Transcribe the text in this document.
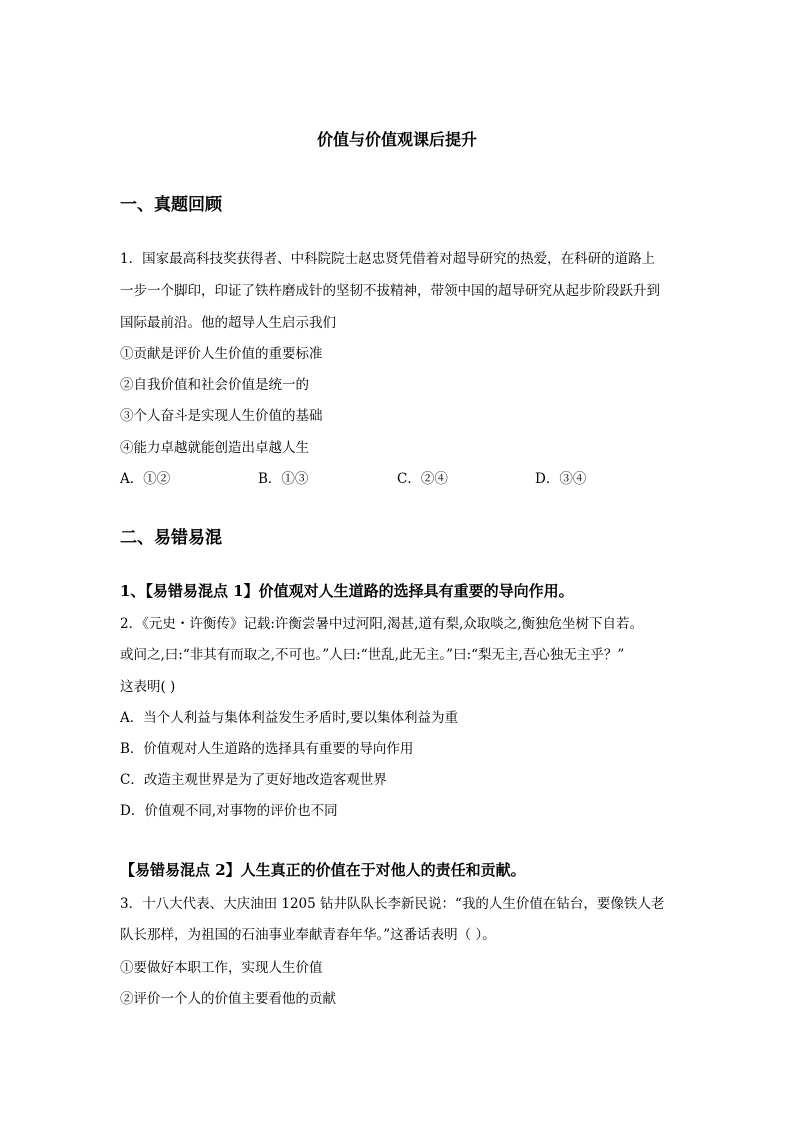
价值与价值观课后提升
一、真题回顾
1．国家最高科技奖获得者、中科院院士赵忠贤凭借着对超导研究的热爱，在科研的道路上
一步一个脚印，印证了铁杵磨成针的坚韧不拔精神，带领中国的超导研究从起步阶段跃升到
国际最前沿。他的超导人生启示我们
①贡献是评价人生价值的重要标准
②自我价值和社会价值是统一的
③个人奋斗是实现人生价值的基础
④能力卓越就能创造出卓越人生
A．①②	B．①③	C．②④	D．③④
二、易错易混
1、【易错易混点 1】价值观对人生道路的选择具有重要的导向作用。
2．《元史・许衡传》记载:许衡尝暑中过河阳,渴甚,道有梨,众取啖之,衡独危坐树下自若。
或问之,曰:“非其有而取之,不可也。”人曰:“世乱,此无主。”曰:“梨无主,吾心独无主乎？”
这表明( )
A．当个人利益与集体利益发生矛盾时,要以集体利益为重
B．价值观对人生道路的选择具有重要的导向作用
C．改造主观世界是为了更好地改造客观世界
D．价值观不同,对事物的评价也不同
【易错易混点 2】人生真正的价值在于对他人的责任和贡献。
3．十八大代表、大庆油田 1205 钻井队队长李新民说：“我的人生价值在钻台，要像铁人老
队长那样，为祖国的石油事业奉献青春年华。”这番话表明（ ）。
①要做好本职工作，实现人生价值
②评价一个人的价值主要看他的贡献
